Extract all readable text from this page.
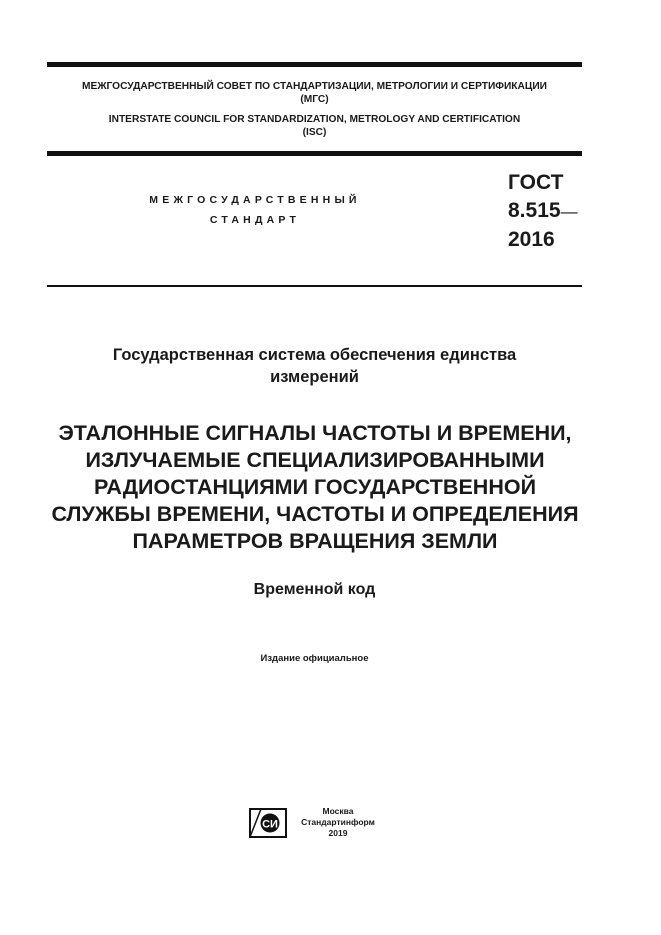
МЕЖГОСУДАРСТВЕННЫЙ СОВЕТ ПО СТАНДАРТИЗАЦИИ, МЕТРОЛОГИИ И СЕРТИФИКАЦИИ
(МГС)
INTERSTATE COUNCIL FOR STANDARDIZATION, METROLOGY AND CERTIFICATION
(ISC)
МЕЖГОСУДАРСТВЕННЫЙ
СТАНДАРТ
ГОСТ
8.515—
2016
Государственная система обеспечения единства
измерений
ЭТАЛОННЫЕ СИГНАЛЫ ЧАСТОТЫ И ВРЕМЕНИ,
ИЗЛУЧАЕМЫЕ СПЕЦИАЛИЗИРОВАННЫМИ
РАДИОСТАНЦИЯМИ ГОСУДАРСТВЕННОЙ
СЛУЖБЫ ВРЕМЕНИ, ЧАСТОТЫ И ОПРЕДЕЛЕНИЯ
ПАРАМЕТРОВ ВРАЩЕНИЯ ЗЕМЛИ
Временной код
Издание официальное
СИ
Москва
Стандартинформ
2019
